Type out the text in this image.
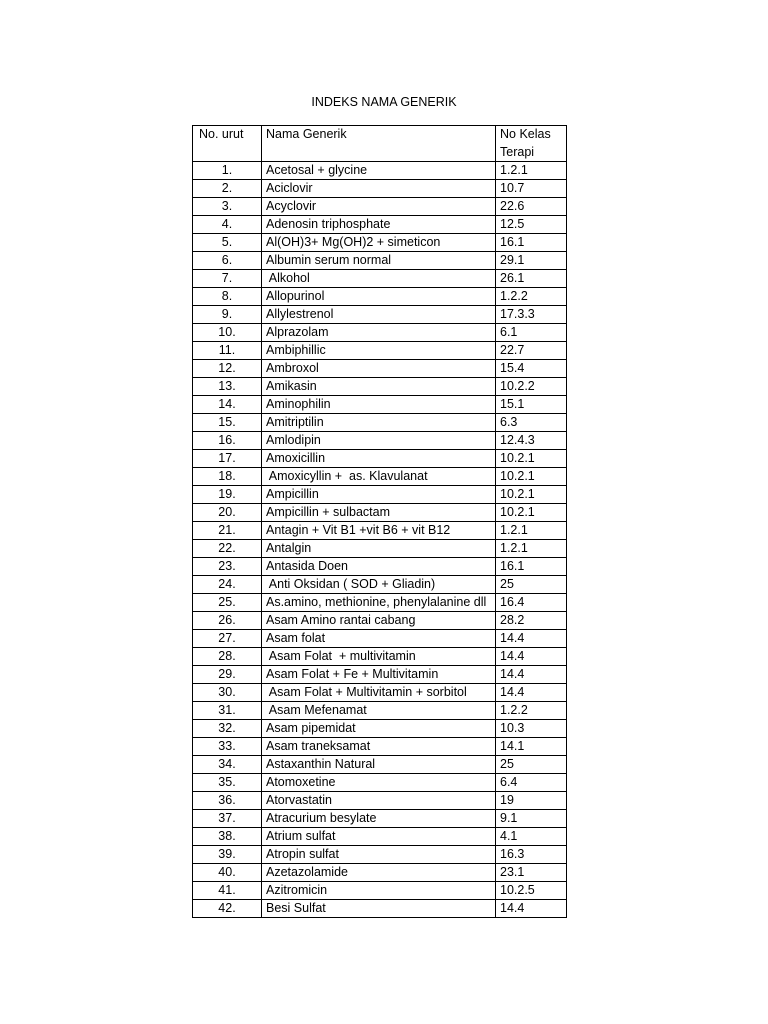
INDEKS NAMA GENERIK
No. urut	Nama Generik	No Kelas
Terapi
1.	Acetosal + glycine	1.2.1
2.	Aciclovir	10.7
3.	Acyclovir	22.6
4.	Adenosin triphosphate	12.5
5.	Al(OH)3+ Mg(OH)2 + simeticon	16.1
6.	Albumin serum normal	29.1
7.	Alkohol	26.1
8.	Allopurinol	1.2.2
9.	Allylestrenol	17.3.3
10.	Alprazolam	6.1
11.	Ambiphillic	22.7
12.	Ambroxol	15.4
13.	Amikasin	10.2.2
14.	Aminophilin	15.1
15.	Amitriptilin	6.3
16.	Amlodipin	12.4.3
17.	Amoxicillin	10.2.1
18.	Amoxicyllin +  as. Klavulanat	10.2.1
19.	Ampicillin	10.2.1
20.	Ampicillin + sulbactam	10.2.1
21.	Antagin + Vit B1 +vit B6 + vit B12	1.2.1
22.	Antalgin	1.2.1
23.	Antasida Doen	16.1
24.	Anti Oksidan ( SOD + Gliadin)	25
25.	As.amino, methionine, phenylalanine dll	16.4
26.	Asam Amino rantai cabang	28.2
27.	Asam folat	14.4
28.	Asam Folat  + multivitamin	14.4
29.	Asam Folat + Fe + Multivitamin	14.4
30.	Asam Folat + Multivitamin + sorbitol	14.4
31.	Asam Mefenamat	1.2.2
32.	Asam pipemidat	10.3
33.	Asam traneksamat	14.1
34.	Astaxanthin Natural	25
35.	Atomoxetine	6.4
36.	Atorvastatin	19
37.	Atracurium besylate	9.1
38.	Atrium sulfat	4.1
39.	Atropin sulfat	16.3
40.	Azetazolamide	23.1
41.	Azitromicin	10.2.5
42.	Besi Sulfat	14.4
